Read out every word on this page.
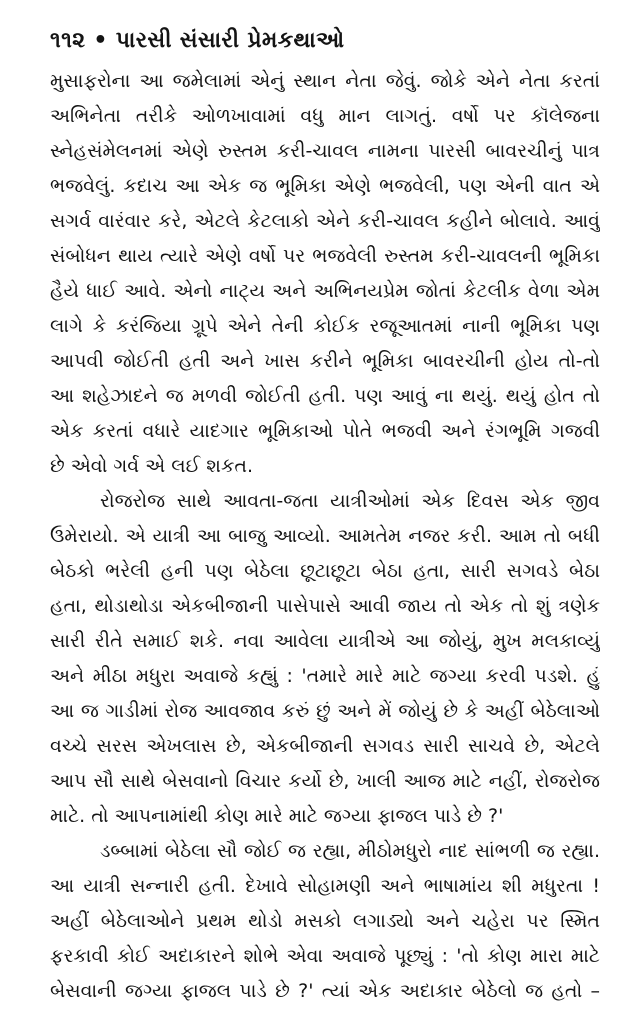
૧૧૨ • પારસી સંસારી પ્રેમકથાઓ
મુસાફરોના આ જમેલામાં એનું સ્થાન નેતા જેવું. જોકે એને નેતા કરતાં
અભિનેતા તરીકે ઓળખાવામાં વધુ માન લાગતું. વર્ષો પર કૉલેજના
સ્નેહસંમેલનમાં એણે રુસ્તમ કરી-ચાવલ નામના પારસી બાવરચીનું પાત્ર
ભજવેલું. કદાચ આ એક જ ભૂમિકા એણે ભજવેલી, પણ એની વાત એ
સગર્વ વારંવાર કરે, એટલે કેટલાકો એને કરી-ચાવલ કહીને બોલાવે. આવું
સંબોધન થાય ત્યારે એણે વર્ષો પર ભજવેલી રુસ્તમ કરી-ચાવલની ભૂમિકા
હૈયે ધાઈ આવે. એનો નાટ્ય અને અભિનયપ્રેમ જોતાં કેટલીક વેળા એમ
લાગે કે કરંજિયા ગ્રૂપે એને તેની કોઈક રજૂઆતમાં નાની ભૂમિકા પણ
આપવી જોઈતી હતી અને ખાસ કરીને ભૂમિકા બાવરચીની હોય તો-તો
આ શહેઝાદને જ મળવી જોઈતી હતી. પણ આવું ના થયું. થયું હોત તો
એક કરતાં વધારે યાદગાર ભૂમિકાઓ પોતે ભજવી અને રંગભૂમિ ગજવી
છે એવો ગર્વ એ લઈ શકત.
રોજરોજ સાથે આવતા-જતા યાત્રીઓમાં એક દિવસ એક જીવ
ઉમેરાયો. એ યાત્રી આ બાજુ આવ્યો. આમતેમ નજર કરી. આમ તો બધી
બેઠકો ભરેલી હની પણ બેઠેલા છૂટાછૂટા બેઠા હતા, સારી સગવડે બેઠા
હતા, થોડાથોડા એકબીજાની પાસેપાસે આવી જાય તો એક તો શું ત્રણેક
સારી રીતે સમાઈ શકે. નવા આવેલા યાત્રીએ આ જોયું, મુખ મલકાવ્યું
અને મીઠા મધુરા અવાજે કહ્યું : 'તમારે મારે માટે જગ્યા કરવી પડશે. હું
આ જ ગાડીમાં રોજ આવજાવ કરું છું અને મેં જોયું છે કે અહીં બેઠેલાઓ
વચ્ચે સરસ એખલાસ છે, એકબીજાની સગવડ સારી સાચવે છે, એટલે
આપ સૌ સાથે બેસવાનો વિચાર કર્યો છે, ખાલી આજ માટે નહીં, રોજરોજ
માટે. તો આપનામાંથી કોણ મારે માટે જગ્યા ફાજલ પાડે છે ?'
ડબ્બામાં બેઠેલા સૌ જોઈ જ રહ્યા, મીઠોમધુરો નાદ સાંભળી જ રહ્યા.
આ યાત્રી સન્નારી હતી. દેખાવે સોહામણી અને ભાષામાંય શી મધુરતા !
અહીં બેઠેલાઓને પ્રથમ થોડો મસકો લગાડ્યો અને ચહેરા પર સ્મિત
ફરકાવી કોઈ અદાકારને શોભે એવા અવાજે પૂછ્યું : 'તો કોણ મારા માટે
બેસવાની જગ્યા ફાજલ પાડે છે ?' ત્યાં એક અદાકાર બેઠેલો જ હતો –
